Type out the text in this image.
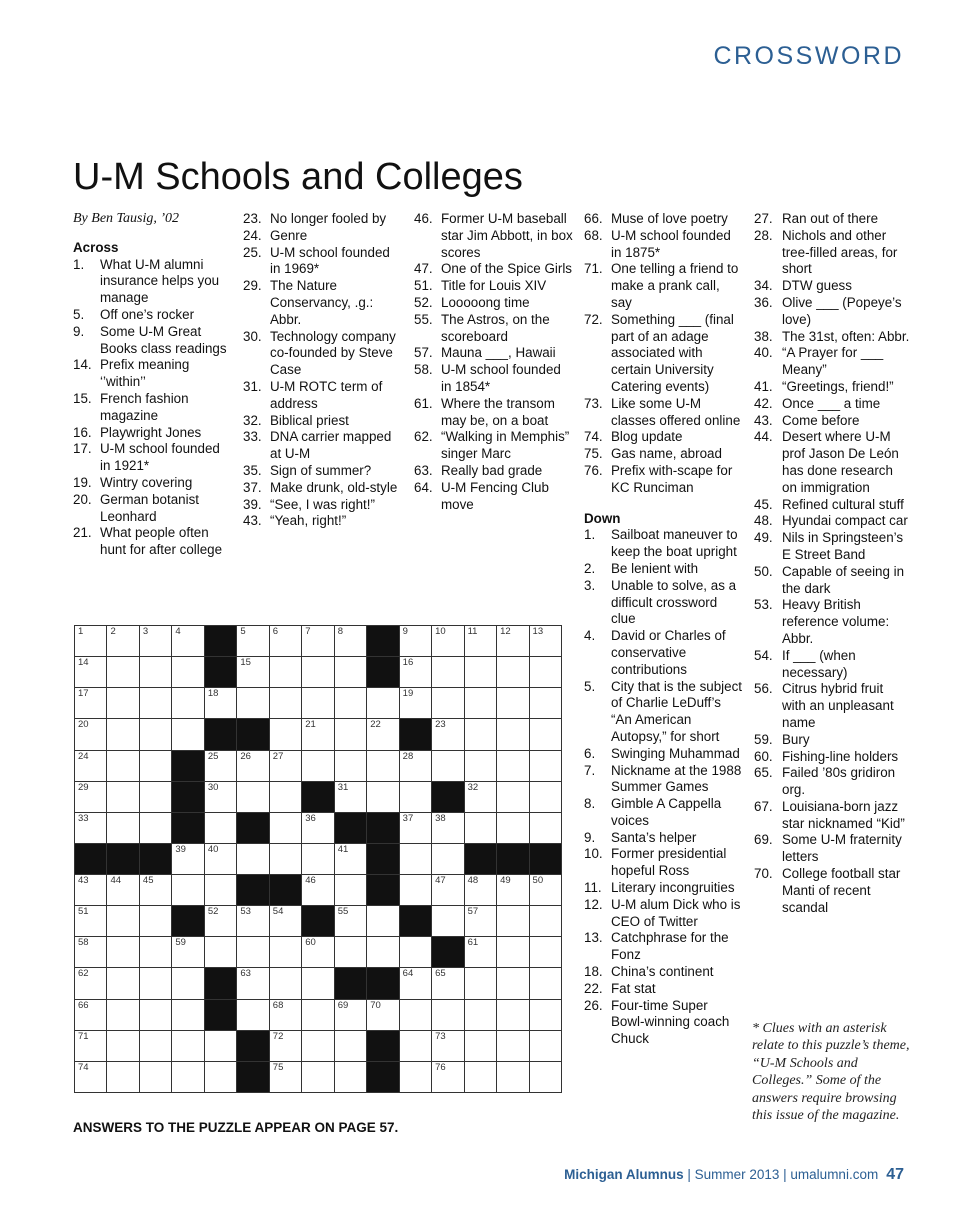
CROSSWORD
U-M Schools and Colleges

By Ben Tausig, ’02

Across

1.	What U-M alumni insurance helps you manage
5.	Off one’s rocker
9.	Some U-M Great Books class readings
14. Prefix meaning ‘’within’’
15. French fashion magazine
16. Playwright Jones
17. U-M school founded in 1921*
19. Wintry covering
20. German botanist Leonhard
21. What people often hunt for after college
23. No longer fooled by
24. Genre
25. U-M school founded in 1969*
29. The Nature Conservancy, .g.: Abbr.
30. Technology company co-founded by Steve Case
31. U-M ROTC term of address
32. Biblical priest
33. DNA carrier mapped at U-M
35. Sign of summer?
37. Make drunk, old-style
39. “See, I was right!”
43. “Yeah, right!”
46. Former U-M baseball star Jim Abbott, in box scores
47. One of the Spice Girls
51. Title for Louis XIV
52. Looooong time
55. The Astros, on the scoreboard
57. Mauna ___, Hawaii
58. U-M school founded in 1854*
61. Where the transom may be, on a boat
62. “Walking in Memphis” singer Marc
63. Really bad grade
64. U-M Fencing Club move
66. Muse of love poetry
68. U-M school founded in 1875*
71. One telling a friend to make a prank call, say
72. Something ___ (final part of an adage associated with certain University Catering events)
73. Like some U-M classes offered online
74. Blog update
75. Gas name, abroad
76. Prefix with-scape for KC Runciman

Down

1.	Sailboat maneuver to keep the boat upright
2.	Be lenient with
3.	Unable to solve, as a difficult crossword clue
4.	David or Charles of conservative contributions
5.	City that is the subject of Charlie LeDuff’s “An American Autopsy,” for short
6.	Swinging Muhammad
7.	Nickname at the 1988 Summer Games
8.	Gimble A Cappella voices
9.	Santa’s helper
10. Former presidential hopeful Ross
11. Literary incongruities
12. U-M alum Dick who is CEO of Twitter
13. Catchphrase for the Fonz
18. China’s continent
22. Fat stat
26. Four-time Super Bowl-winning coach Chuck
27. Ran out of there
28. Nichols and other tree-filled areas, for short
34. DTW guess
36. Olive ___ (Popeye’s love)
38. The 31st, often: Abbr.
40. “A Prayer for ___ Meany”
41. “Greetings, friend!”
42. Once ___ a time
43. Come before
44. Desert where U-M prof Jason De León has done research on immigration
45. Refined cultural stuff
48. Hyundai compact car
49. Nils in Springsteen’s E Street Band
50. Capable of seeing in the dark
53. Heavy British reference volume: Abbr.
54. If ___ (when necessary)
56. Citrus hybrid fruit with an unpleasant name
59. Bury
60. Fishing-line holders
65. Failed ’80s gridiron org.
67. Louisiana-born jazz star nicknamed “Kid”
69. Some U-M fraternity letters
70. College football star Manti of recent scandal
1	2	3	4	5	6	7	8	9	10 11 12 13
14	15	16
17	18	19
20	21	22	23
24	25 26 27	28
29	30	31	32
33	36	37 38
39 40	41
43 44 45	46	47 48 49 50
51	52 53 54	55	57
58	59	60	61
62	63	64 65
66	68	69 70
71	72	73
74	75	76
ANSWERS TO THE PUZZLE APPEAR ON PAGE 57.
* Clues with an asterisk relate to this puzzle’s theme, “U-M Schools and Colleges.” Some of the answers require browsing this issue of the magazine.
Michigan Alumnus | Summer 2013 | umalumni.com 47
